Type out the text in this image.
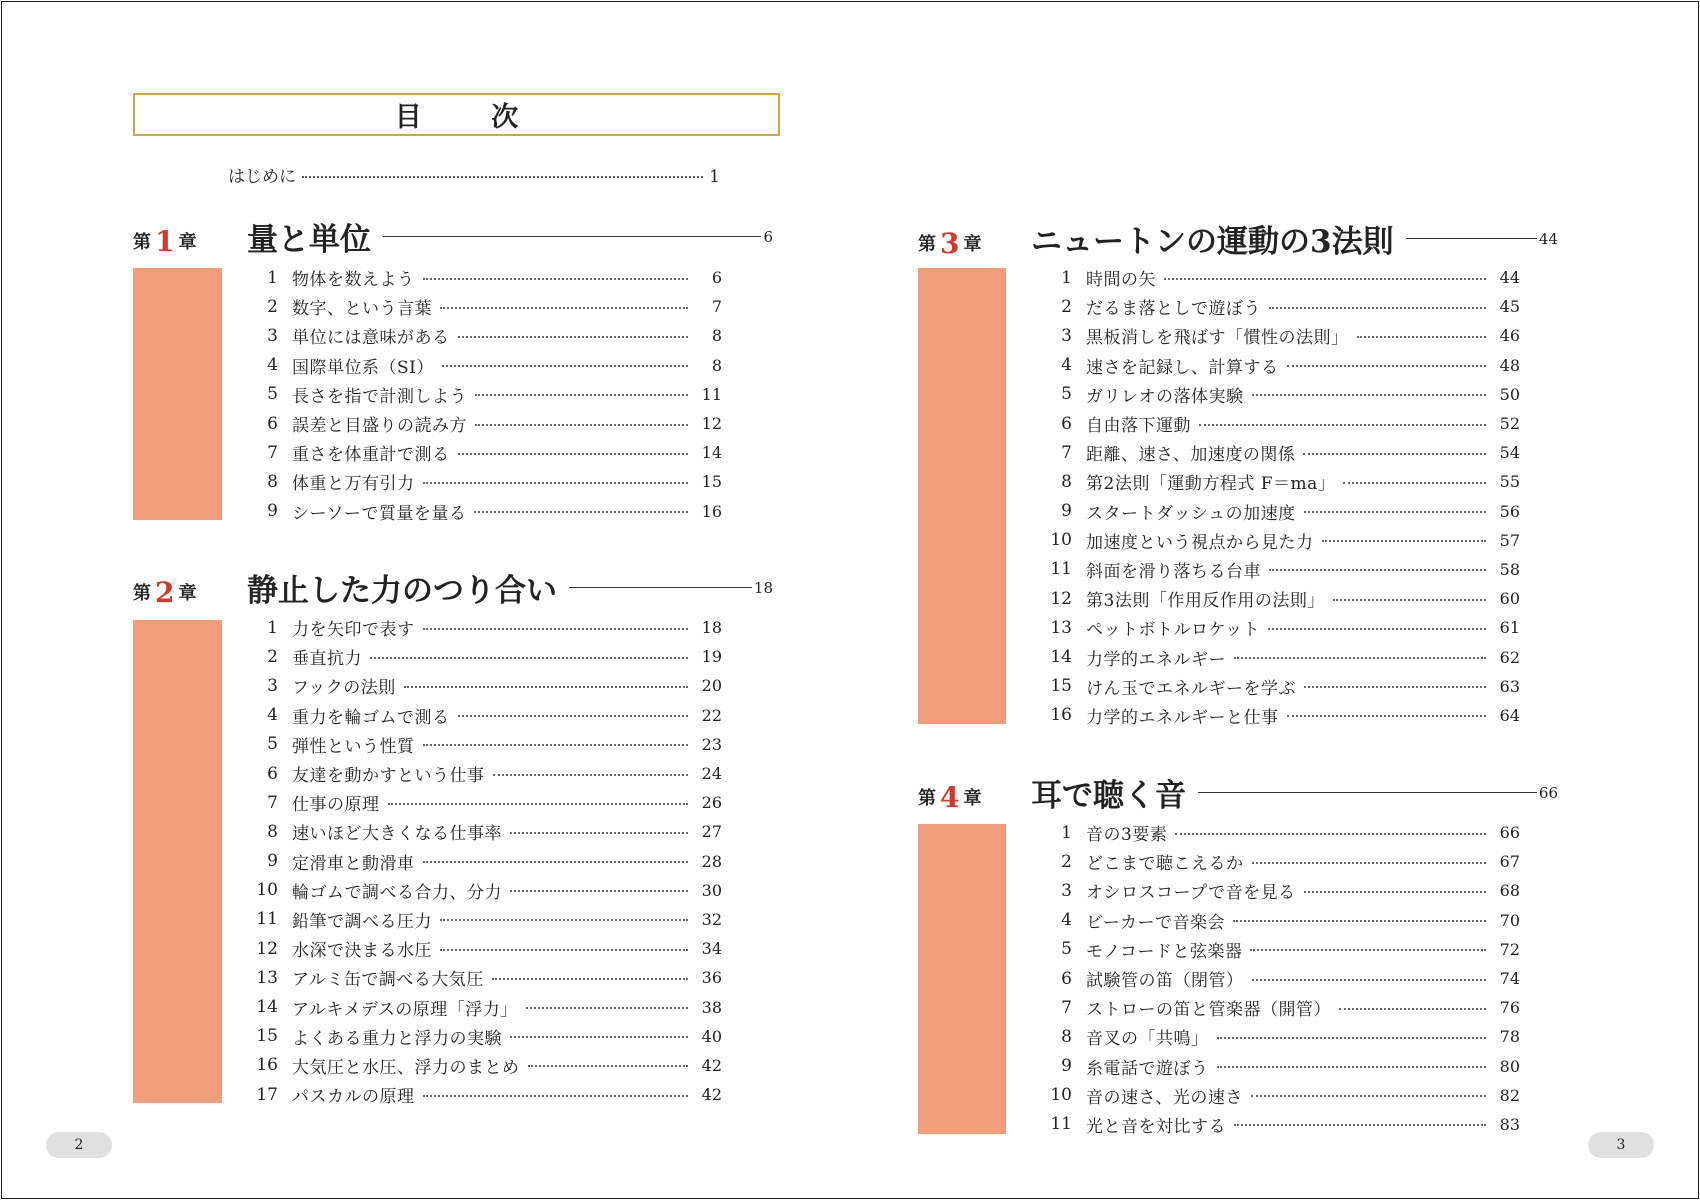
目 次
はじめに	1
第 1 章 量と単位	6
1 物体を数えよう	6
2 数字、という言葉	7
3 単位には意味がある	8
4 国際単位系（SI）	8
5 長さを指で計測しよう	11
6 誤差と目盛りの読み方	12
7 重さを体重計で測る	14
8 体重と万有引力	15
9 シーソーで質量を量る	16
第 2 章 静止した力のつり合い	18
1 力を矢印で表す	18
2 垂直抗力	19
3 フックの法則	20
4 重力を輪ゴムで測る	22
5 弾性という性質	23
6 友達を動かすという仕事	24
7 仕事の原理	26
8 速いほど大きくなる仕事率	27
9 定滑車と動滑車	28
10 輪ゴムで調べる合力、分力	30
11 鉛筆で調べる圧力	32
12 水深で決まる水圧	34
13 アルミ缶で調べる大気圧	36
14 アルキメデスの原理「浮力」	38
15 よくある重力と浮力の実験	40
16 大気圧と水圧、浮力のまとめ	42
17 パスカルの原理	42
第 3 章 ニュートンの運動の3法則	44
1 時間の矢	44
2 だるま落としで遊ぼう	45
3 黒板消しを飛ばす「慣性の法則」	46
4 速さを記録し、計算する	48
5 ガリレオの落体実験	50
6 自由落下運動	52
7 距離、速さ、加速度の関係	54
8 第2法則「運動方程式 F＝ma」	55
9 スタートダッシュの加速度	56
10 加速度という視点から見た力	57
11 斜面を滑り落ちる台車	58
12 第3法則「作用反作用の法則」	60
13 ペットボトルロケット	61
14 力学的エネルギー	62
15 けん玉でエネルギーを学ぶ	63
16 力学的エネルギーと仕事	64
第 4 章 耳で聴く音	66
1 音の3要素	66
2 どこまで聴こえるか	67
3 オシロスコープで音を見る	68
4 ビーカーで音楽会	70
5 モノコードと弦楽器	72
6 試験管の笛（閉管）	74
7 ストローの笛と管楽器（開管）	76
8 音叉の「共鳴」	78
9 糸電話で遊ぼう	80
10 音の速さ、光の速さ	82
11 光と音を対比する	83
2	3
